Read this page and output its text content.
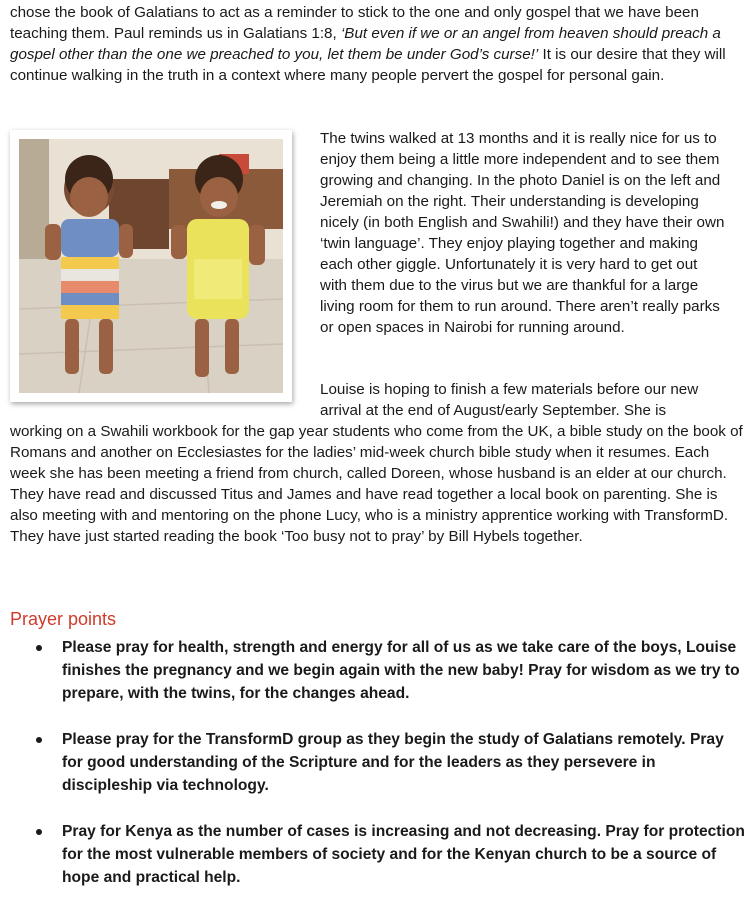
chose the book of Galatians to act as a reminder to stick to the one and only gospel that we have been teaching them. Paul reminds us in Galatians 1:8, ‘But even if we or an angel from heaven should preach a gospel other than the one we preached to you, let them be under God’s curse!’ It is our desire that they will continue walking in the truth in a context where many people pervert the gospel for personal gain.

The twins walked at 13 months and it is really nice for us to enjoy them being a little more independent and to see them growing and changing. In the photo Daniel is on the left and Jeremiah on the right. Their understanding is developing nicely (in both English and Swahili!) and they have their own ‘twin language’. They enjoy playing together and making each other giggle. Unfortunately it is very hard to get out with them due to the virus but we are thankful for a large living room for them to run around. There aren’t really parks or open spaces in Nairobi for running around.

Louise is hoping to finish a few materials before our new arrival at the end of August/early September. She is

working on a Swahili workbook for the gap year students who come from the UK, a bible study on the book of Romans and another on Ecclesiastes for the ladies’ mid-week church bible study when it resumes. Each week she has been meeting a friend from church, called Doreen, whose husband is an elder at our church. They have read and discussed Titus and James and have read together a local book on parenting. She is also meeting with and mentoring on the phone Lucy, who is a ministry apprentice working with TransformD. They have just started reading the book ‘Too busy not to pray’ by Bill Hybels together.

Prayer points
Please pray for health, strength and energy for all of us as we take care of the boys, Louise finishes the pregnancy and we begin again with the new baby! Pray for wisdom as we try to prepare, with the twins, for the changes ahead.
Please pray for the TransformD group as they begin the study of Galatians remotely. Pray for good understanding of the Scripture and for the leaders as they persevere in discipleship via technology.
Pray for Kenya as the number of cases is increasing and not decreasing. Pray for protection for the most vulnerable members of society and for the Kenyan church to be a source of hope and practical help.
